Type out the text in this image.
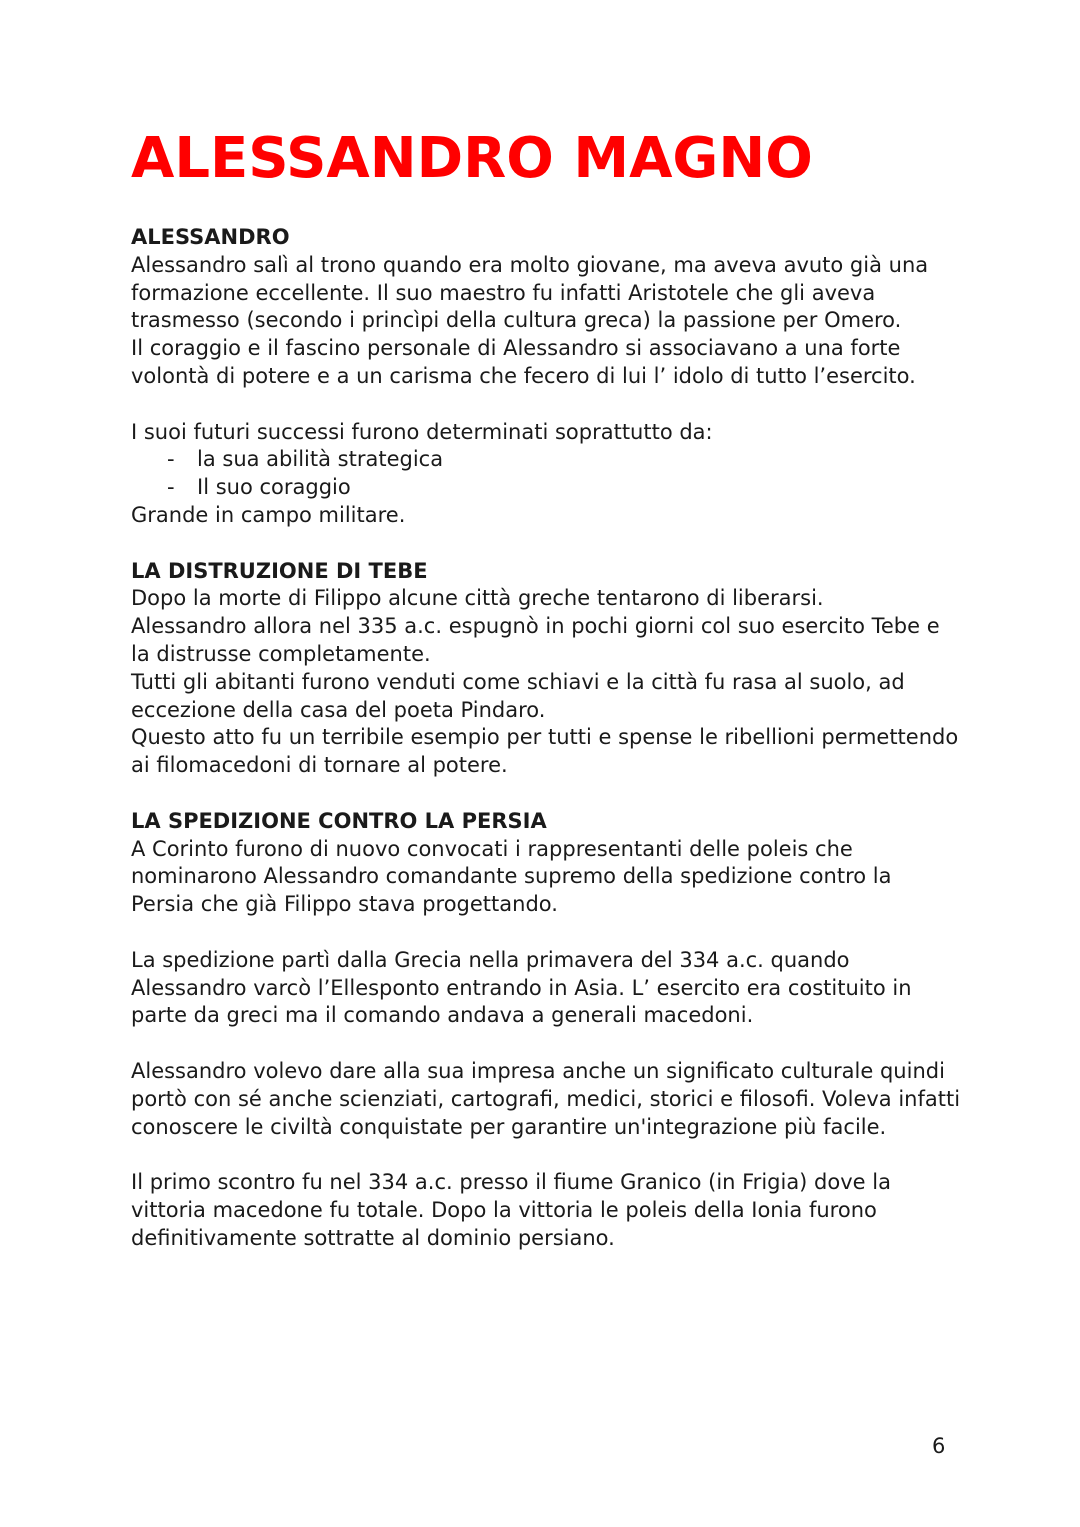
ALESSANDRO MAGNO

ALESSANDRO

Alessandro salì al trono quando era molto giovane, ma aveva avuto già una formazione eccellente. Il suo maestro fu infatti Aristotele che gli aveva trasmesso (secondo i princìpi della cultura greca) la passione per Omero.

Il coraggio e il fascino personale di Alessandro si associavano a una forte volontà di potere e a un carisma che fecero di lui l’ idolo di tutto l’esercito.

I suoi futuri successi furono determinati soprattutto da:

- la sua abilità strategica
- Il suo coraggio

Grande in campo militare.

LA DISTRUZIONE DI TEBE

Dopo la morte di Filippo alcune città greche tentarono di liberarsi.

Alessandro allora nel 335 a.c. espugnò in pochi giorni col suo esercito Tebe e la distrusse completamente.

Tutti gli abitanti furono venduti come schiavi e la città fu rasa al suolo, ad eccezione della casa del poeta Pindaro.

Questo atto fu un terribile esempio per tutti e spense le ribellioni permettendo ai filomacedoni di tornare al potere.

LA SPEDIZIONE CONTRO LA PERSIA

A Corinto furono di nuovo convocati i rappresentanti delle poleis che nominarono Alessandro comandante supremo della spedizione contro la Persia che già Filippo stava progettando.

La spedizione partì dalla Grecia nella primavera del 334 a.c. quando Alessandro varcò l’Ellesponto entrando in Asia. L’ esercito era costituito in parte da greci ma il comando andava a generali macedoni.

Alessandro volevo dare alla sua impresa anche un significato culturale quindi portò con sé anche scienziati, cartografi, medici, storici e filosofi. Voleva infatti conoscere le civiltà conquistate per garantire un'integrazione più facile.

Il primo scontro fu nel 334 a.c. presso il fiume Granico (in Frigia) dove la vittoria macedone fu totale. Dopo la vittoria le poleis della Ionia furono definitivamente sottratte al dominio persiano.

6
